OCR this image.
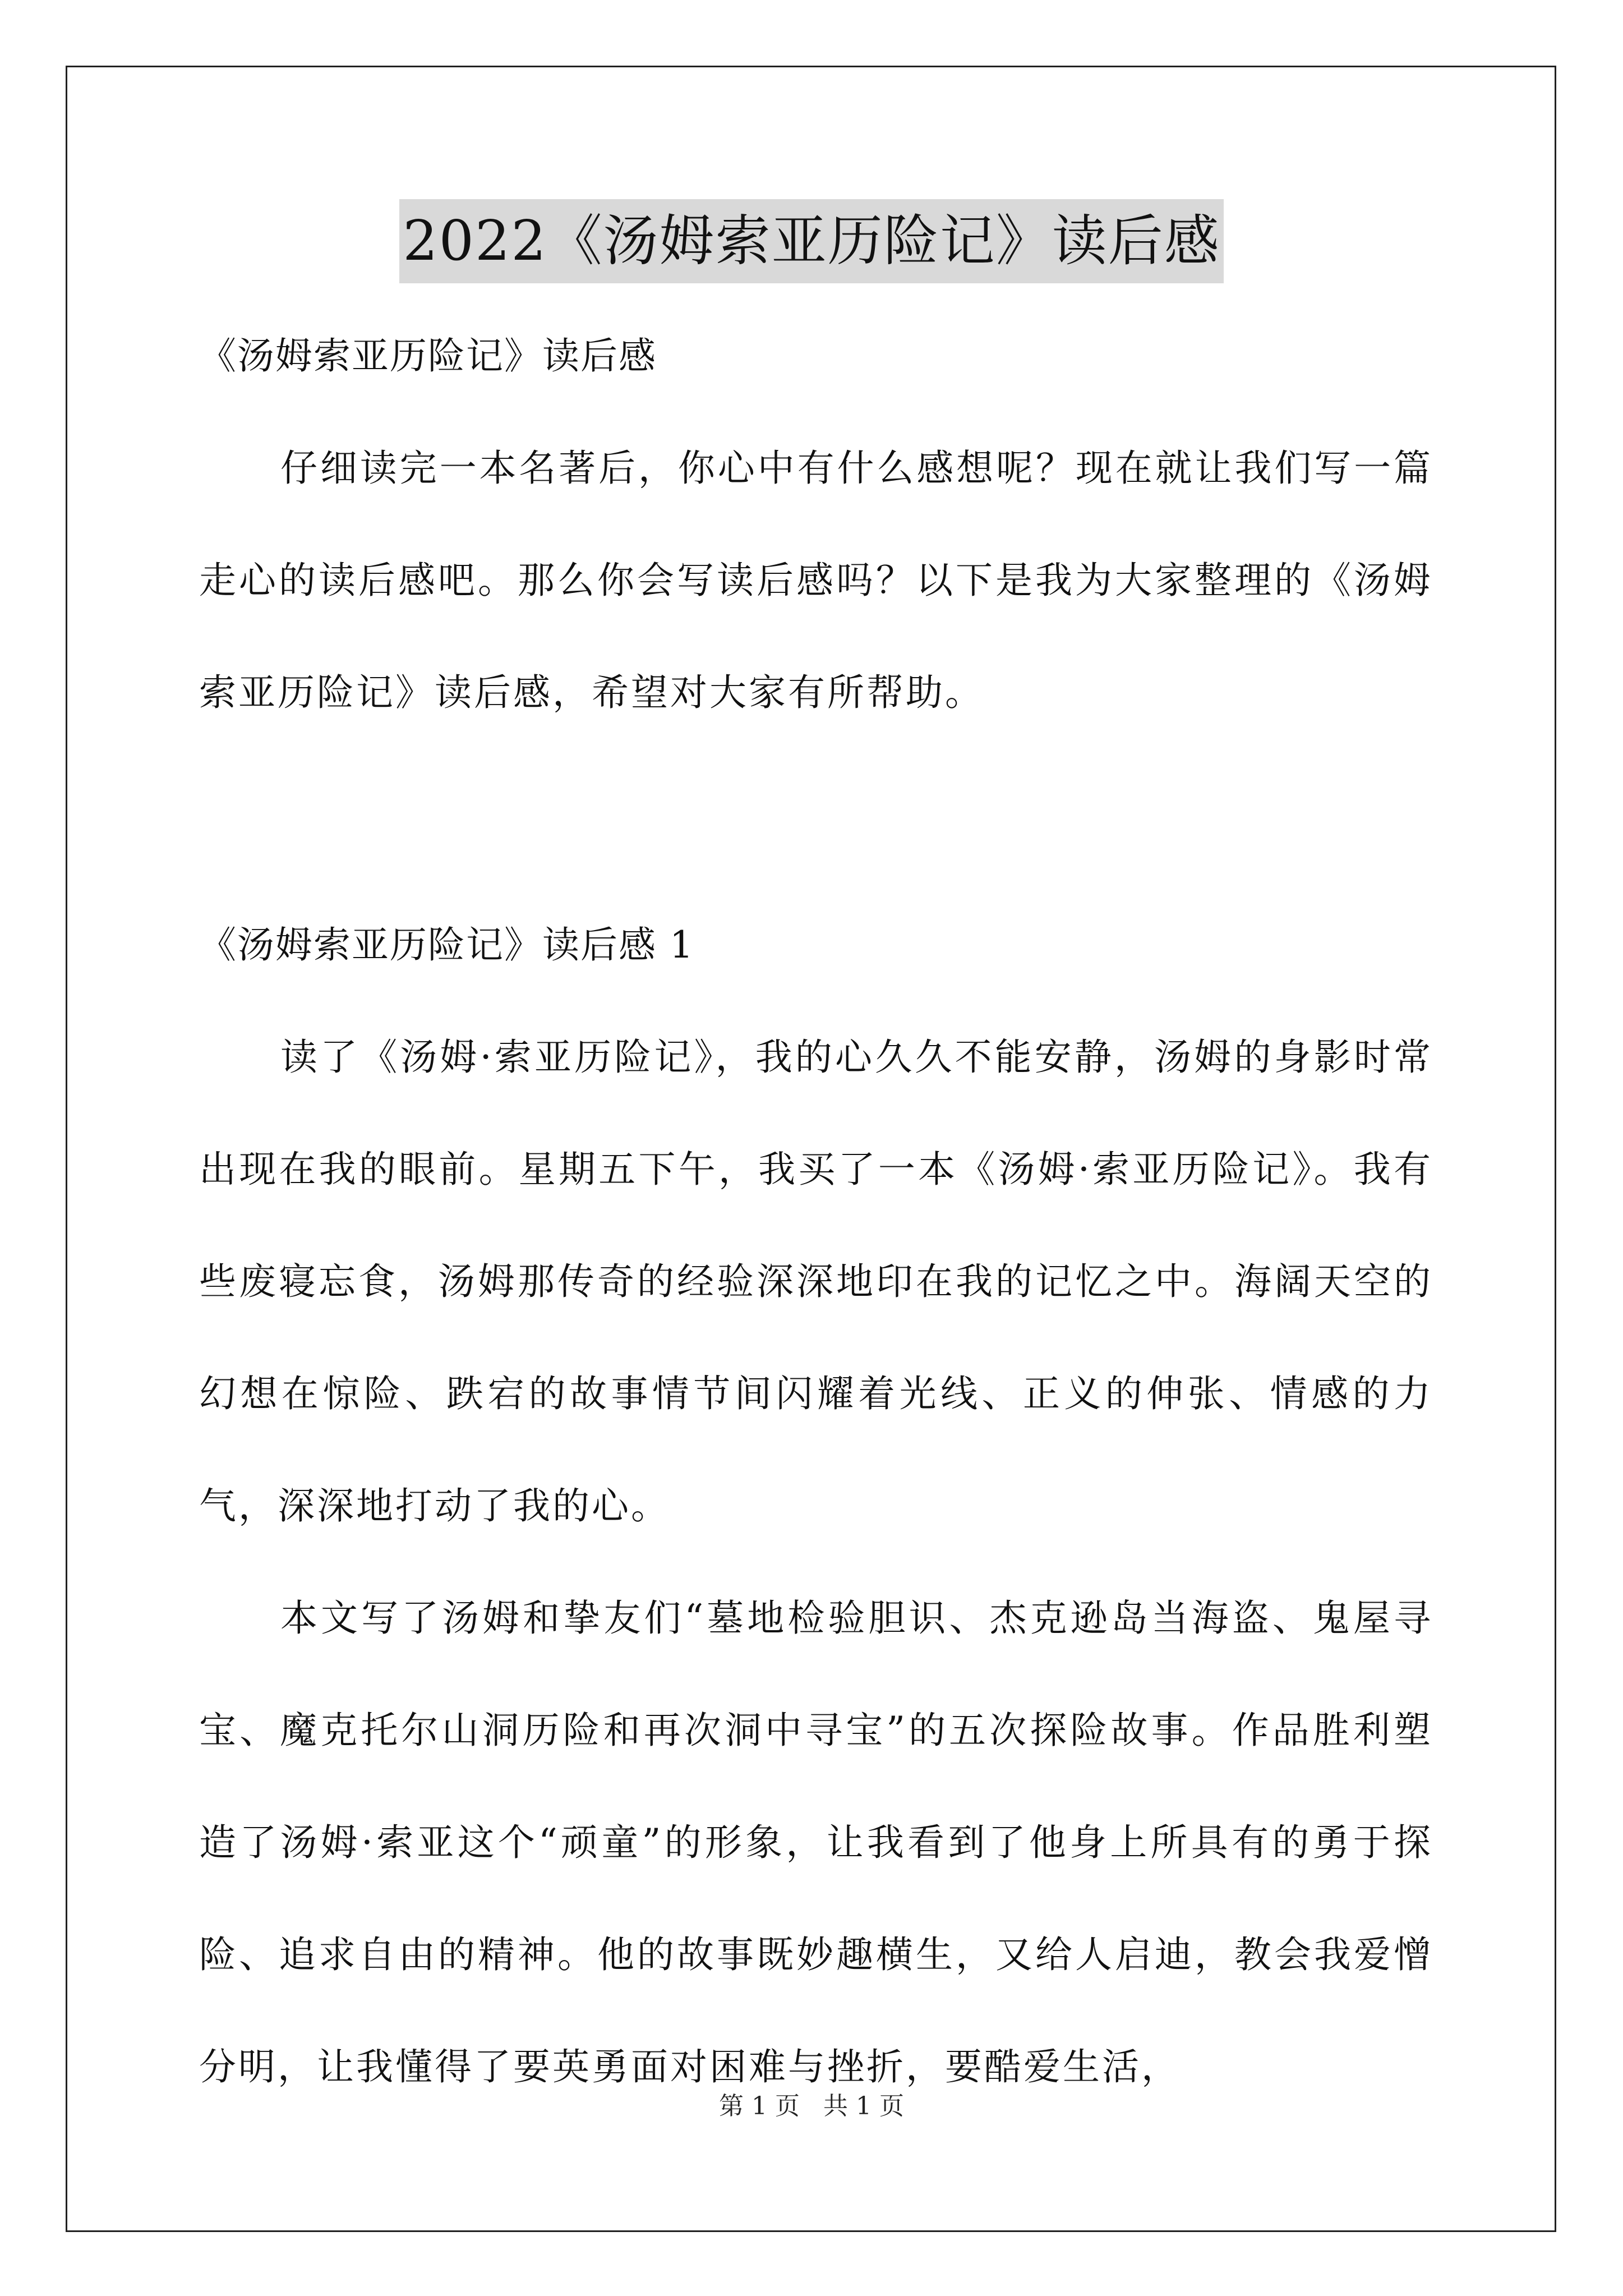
2022《汤姆索亚历险记》读后感

《汤姆索亚历险记》读后感

仔细读完一本名著后，你心中有什么感想呢？现在就让我们写一篇走心的读后感吧。那么你会写读后感吗？以下是我为大家整理的《汤姆索亚历险记》读后感，希望对大家有所帮助。

《汤姆索亚历险记》读后感 1

读了《汤姆·索亚历险记》，我的心久久不能安静，汤姆的身影时常出现在我的眼前。星期五下午，我买了一本《汤姆·索亚历险记》。我有些废寝忘食，汤姆那传奇的经验深深地印在我的记忆之中。海阔天空的幻想在惊险、跌宕的故事情节间闪耀着光线、正义的伸张、情感的力气，深深地打动了我的心。

本文写了汤姆和挚友们“墓地检验胆识、杰克逊岛当海盗、鬼屋寻宝、魔克托尔山洞历险和再次洞中寻宝”的五次探险故事。作品胜利塑造了汤姆·索亚这个“顽童”的形象，让我看到了他身上所具有的勇于探险、追求自由的精神。他的故事既妙趣横生，又给人启迪，教会我爱憎分明，让我懂得了要英勇面对困难与挫折，要酷爱生活，

第 1 页 共 1 页
